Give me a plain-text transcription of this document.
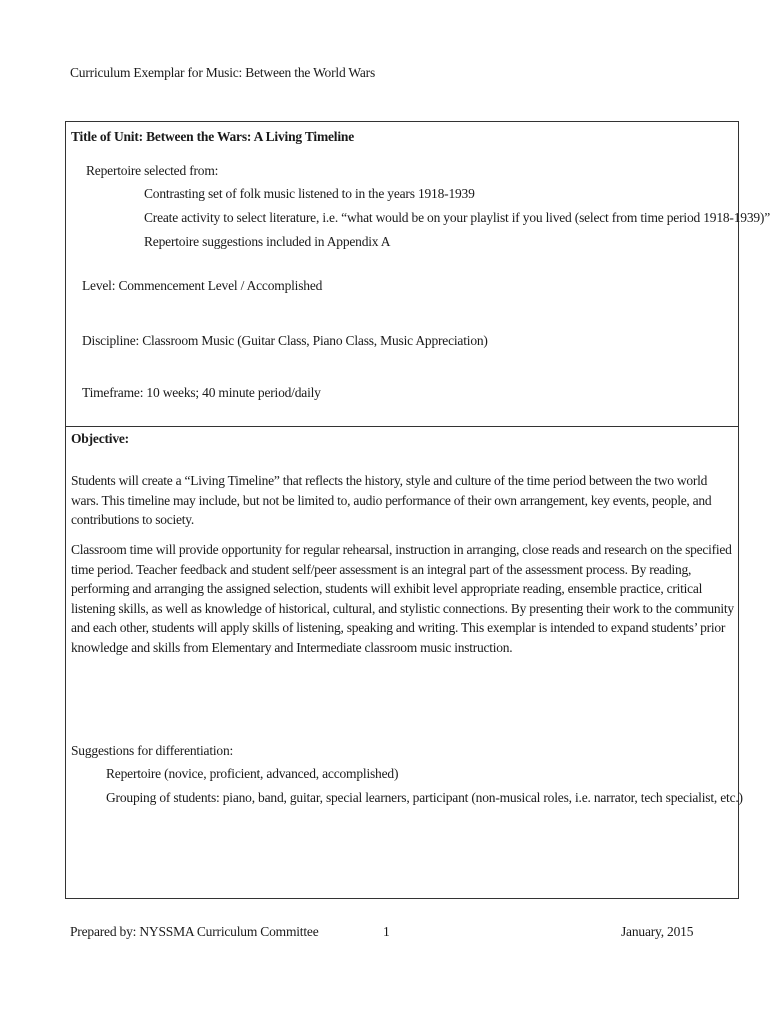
Curriculum Exemplar for Music: Between the World Wars
Title of Unit: Between the Wars: A Living Timeline
Repertoire selected from:
Contrasting set of folk music listened to in the years 1918-1939
Create activity to select literature, i.e. “what would be on your playlist if you lived (select from time period 1918-1939)”
Repertoire suggestions included in Appendix A
Level: Commencement Level / Accomplished
Discipline: Classroom Music (Guitar Class, Piano Class, Music Appreciation)
Timeframe: 10 weeks; 40 minute period/daily
Objective:
Students will create a “Living Timeline” that reflects the history, style and culture of the time period between the two world wars. This timeline may include, but not be limited to, audio performance of their own arrangement, key events, people, and contributions to society.
Classroom time will provide opportunity for regular rehearsal, instruction in arranging, close reads and research on the specified time period. Teacher feedback and student self/peer assessment is an integral part of the assessment process. By reading, performing and arranging the assigned selection, students will exhibit level appropriate reading, ensemble practice, critical listening skills, as well as knowledge of historical, cultural, and stylistic connections. By presenting their work to the community and each other, students will apply skills of listening, speaking and writing. This exemplar is intended to expand students’ prior knowledge and skills from Elementary and Intermediate classroom music instruction.
Suggestions for differentiation:
Repertoire (novice, proficient, advanced, accomplished)
Grouping of students: piano, band, guitar, special learners, participant (non-musical roles, i.e. narrator, tech specialist, etc.)
Prepared by: NYSSMA Curriculum Committee	1	January, 2015
